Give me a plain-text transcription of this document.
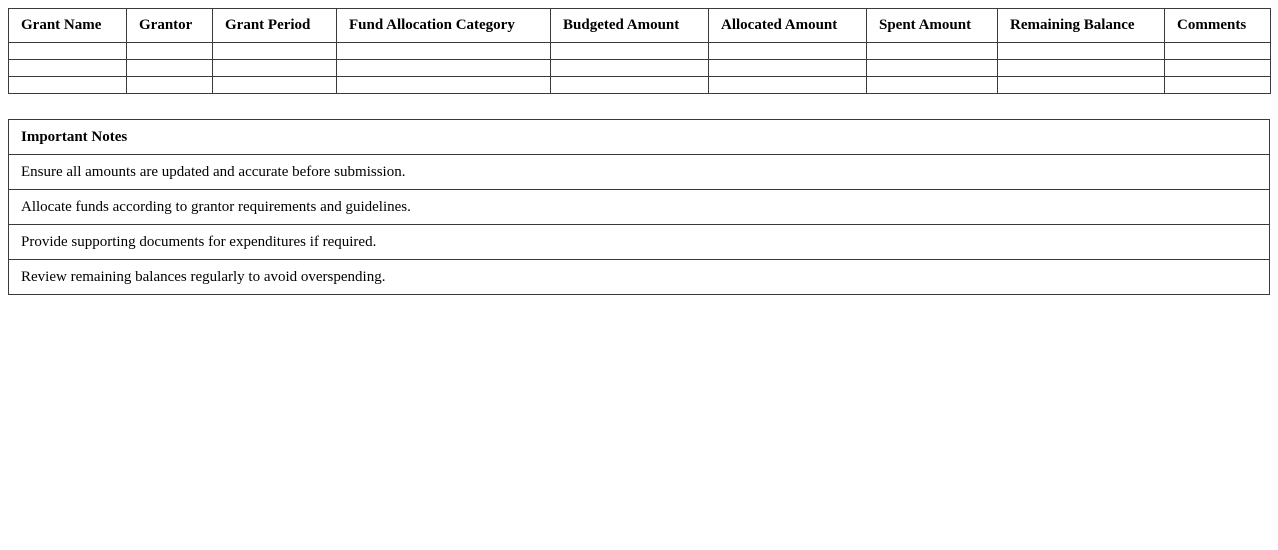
Grant Name	Grantor	Grant Period	Fund Allocation Category	Budgeted Amount	Allocated Amount	Spent Amount	Remaining Balance	Comments

Important Notes
Ensure all amounts are updated and accurate before submission.
Allocate funds according to grantor requirements and guidelines.
Provide supporting documents for expenditures if required.
Review remaining balances regularly to avoid overspending.
